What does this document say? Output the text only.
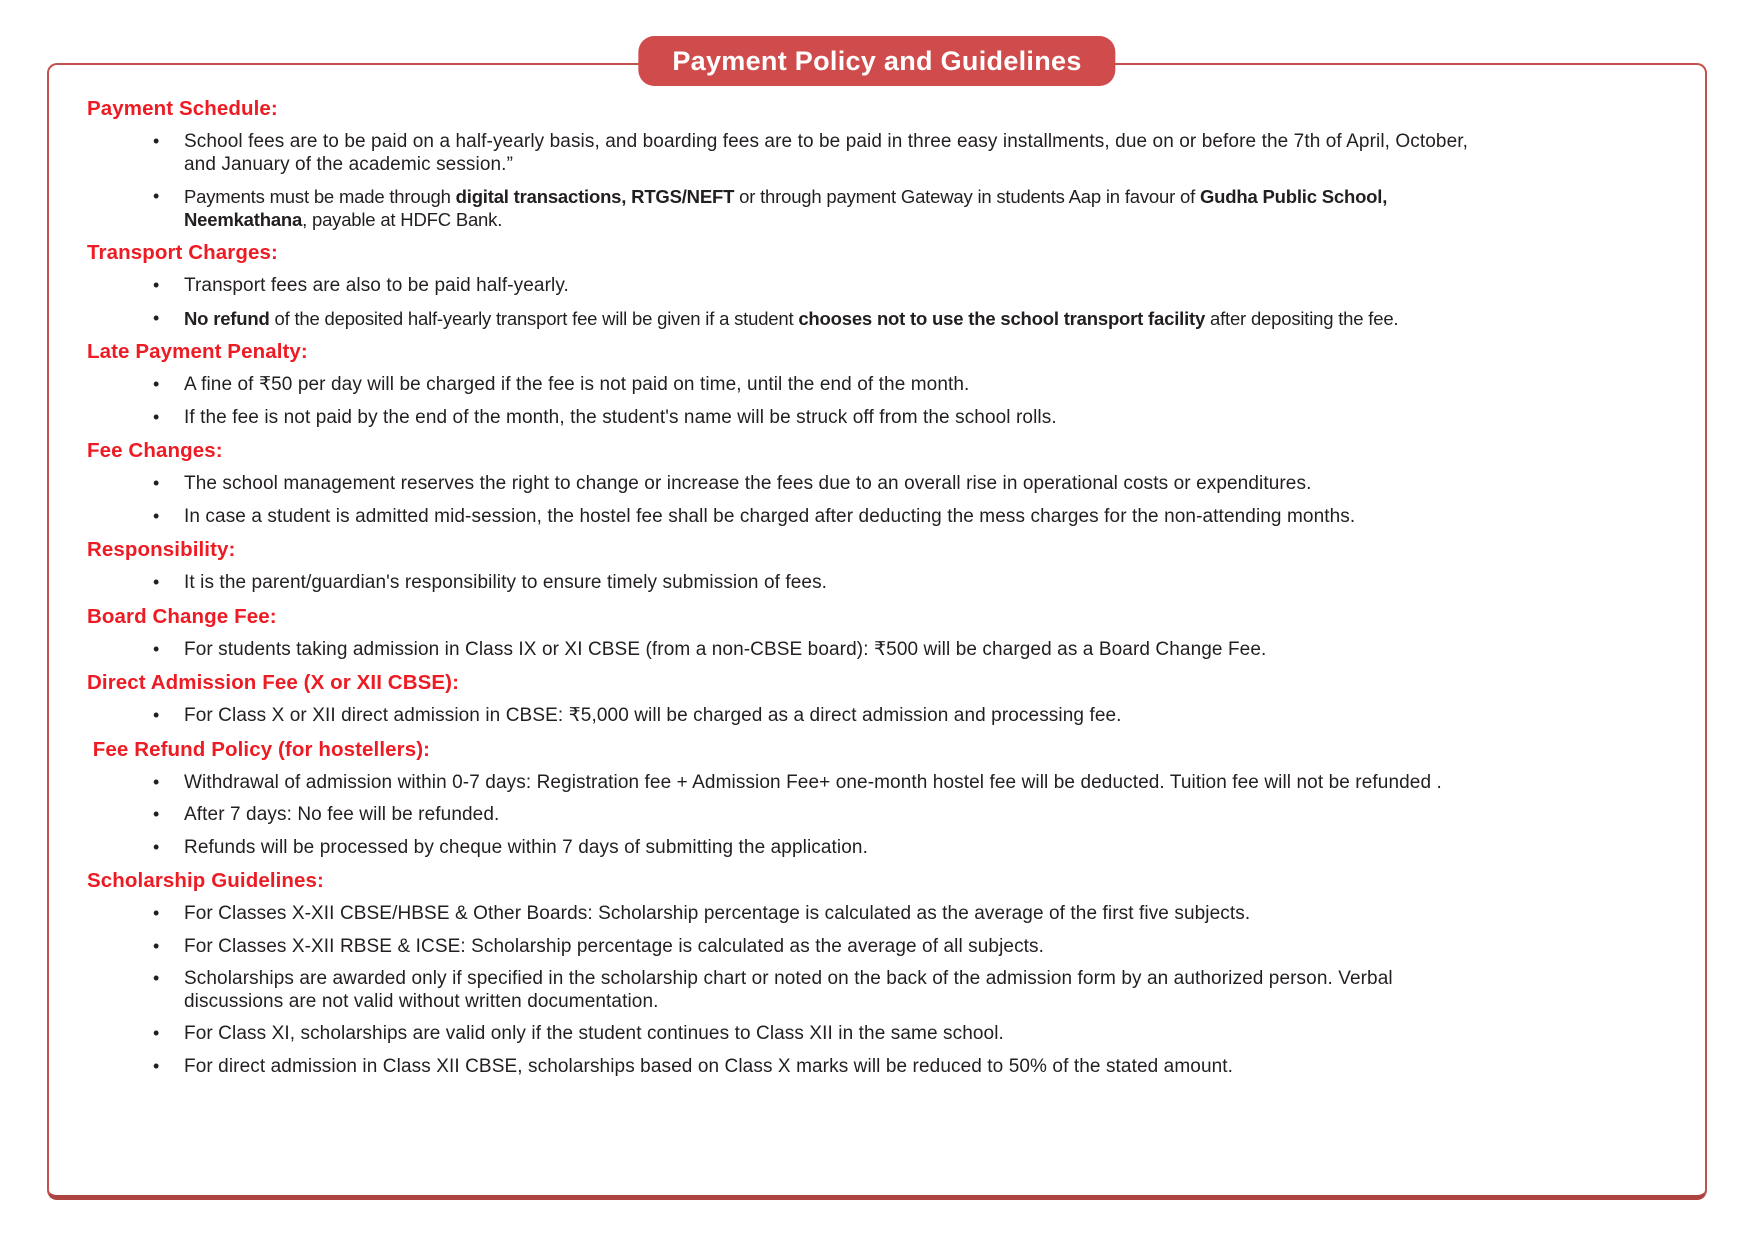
Payment Schedule:
• School fees are to be paid on a half-yearly basis, and boarding fees are to be paid in three easy installments, due on or before the 7th of April, October,
and January of the academic session.”
• Payments must be made through digital transactions, RTGS/NEFT or through payment Gateway in students Aap in favour of Gudha Public School,
Neemkathana, payable at HDFC Bank.
Transport Charges:
• Transport fees are also to be paid half-yearly.
• No refund of the deposited half-yearly transport fee will be given if a student chooses not to use the school transport facility after depositing the fee.
Late Payment Penalty:
• A fine of ₹50 per day will be charged if the fee is not paid on time, until the end of the month.
• If the fee is not paid by the end of the month, the student's name will be struck off from the school rolls.
Fee Changes:
• The school management reserves the right to change or increase the fees due to an overall rise in operational costs or expenditures.
• In case a student is admitted mid-session, the hostel fee shall be charged after deducting the mess charges for the non-attending months.
Responsibility:
• It is the parent/guardian's responsibility to ensure timely submission of fees.
Board Change Fee:
• For students taking admission in Class IX or XI CBSE (from a non-CBSE board): ₹500 will be charged as a Board Change Fee.
Direct Admission Fee (X or XII CBSE):
• For Class X or XII direct admission in CBSE: ₹5,000 will be charged as a direct admission and processing fee.
Fee Refund Policy (for hostellers):
• Withdrawal of admission within 0-7 days: Registration fee + Admission Fee+ one-month hostel fee will be deducted. Tuition fee will not be refunded .
• After 7 days: No fee will be refunded.
• Refunds will be processed by cheque within 7 days of submitting the application.
Scholarship Guidelines:
• For Classes X-XII CBSE/HBSE & Other Boards: Scholarship percentage is calculated as the average of the first five subjects.
• For Classes X-XII RBSE & ICSE: Scholarship percentage is calculated as the average of all subjects.
• Scholarships are awarded only if specified in the scholarship chart or noted on the back of the admission form by an authorized person. Verbal
discussions are not valid without written documentation.
• For Class XI, scholarships are valid only if the student continues to Class XII in the same school.
• For direct admission in Class XII CBSE, scholarships based on Class X marks will be reduced to 50% of the stated amount.
Payment Policy and Guidelines
